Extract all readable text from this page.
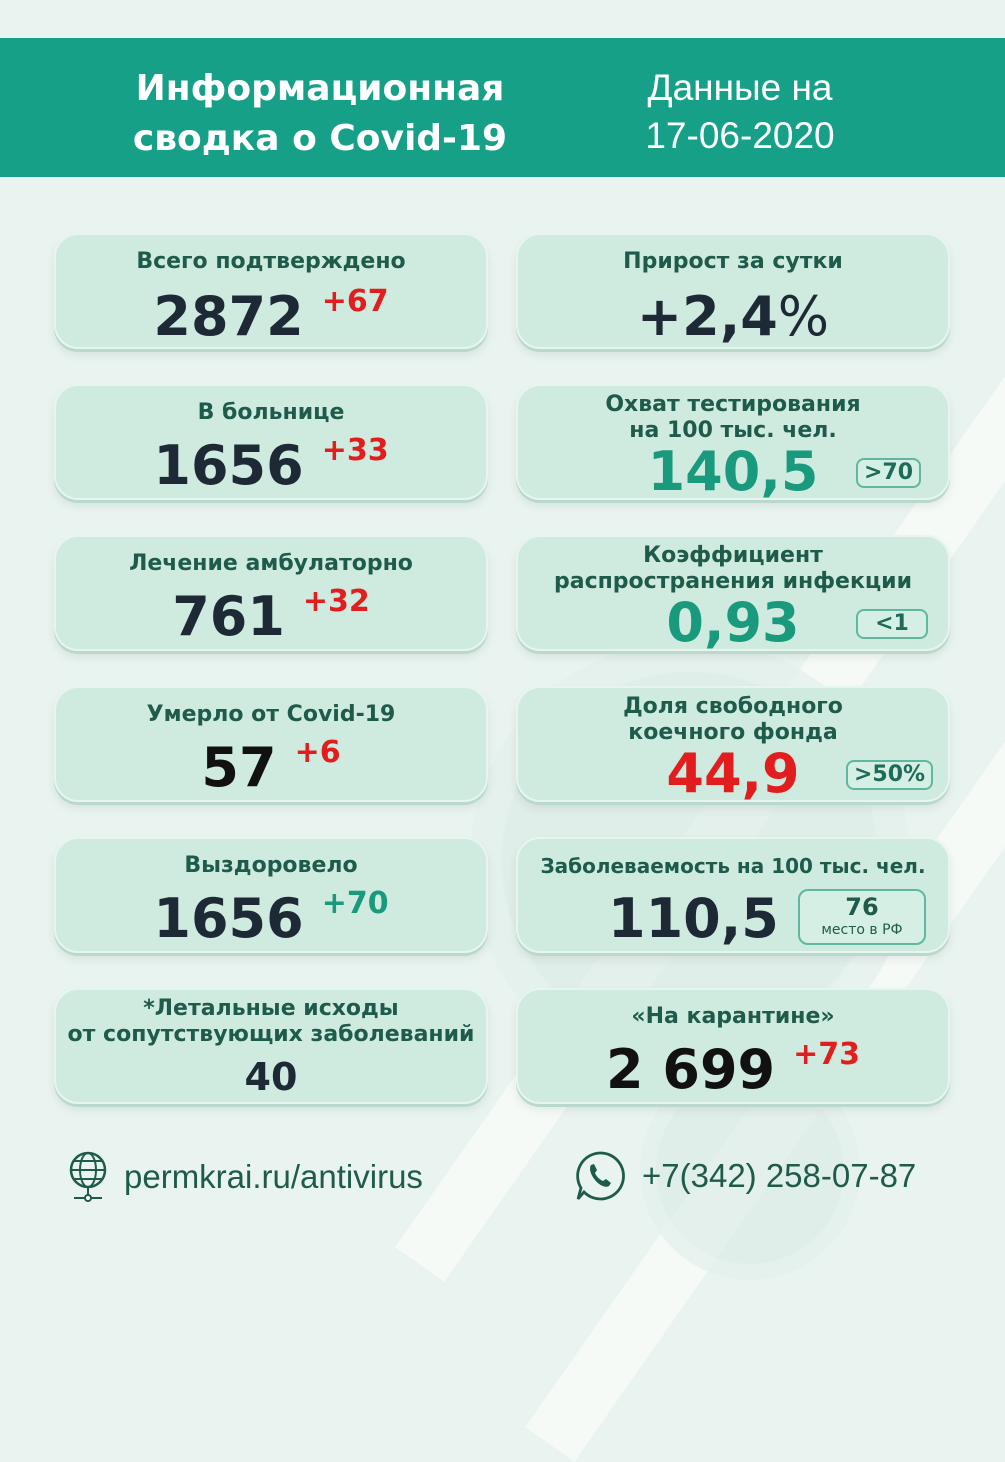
Информационная
сводка о Covid-19
Данные на
17-06-2020
Всего подтверждено
2872 +67
В больнице
1656 +33
Лечение амбулаторно
761 +32
Умерло от Covid-19
57 +6
Выздоровело
1656 +70
*Летальные исходы
от сопутствующих заболеваний
40
Прирост за сутки
+2,4 %
Охват тестирования
на 100 тыс. чел.
140,5	>70
Коэффициент
распространения инфекции
0,93	<1
Доля свободного
коечного фонда
44,9	>50%
Заболеваемость на 100 тыс. чел.
110,5	76
место в РФ
«На карантине»
2 699 +73
permkrai.ru/antivirus	+7(342) 258-07-87
